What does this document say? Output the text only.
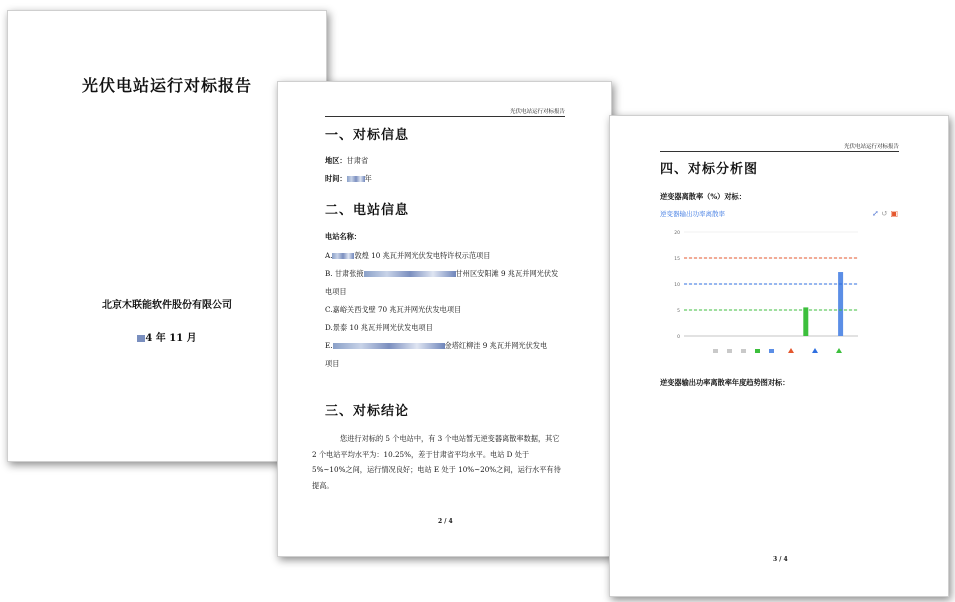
光伏电站运行对标报告
北京木联能软件股份有限公司
4 年 11 月
光伏电站运行对标报告
一、对标信息
地区：甘肃省
时间：	年
二、电站信息
电站名称：
A.	敦煌 10 兆瓦并网光伏发电特许权示范项目
B. 甘肃张掖	甘州区安阳滩 9 兆瓦并网光伏发
电项目
C.嘉峪关西戈壁 70 兆瓦并网光伏发电项目
D.景泰 10 兆瓦并网光伏发电项目
E.	金塔红柳洼 9 兆瓦并网光伏发电
项目
三、对标结论
您进行对标的 5 个电站中，有 3 个电站暂无逆变器离散率数据，其它 2 个电站平均水平为：10.25%，差于甘肃省平均水平。电站 D 处于 5%~10%之间，运行情况良好；电站 E 处于 10%~20%之间，运行水平有待提高。
2 / 4
光伏电站运行对标报告
四、对标分析图
逆变器离散率（%）对标：
逆变器输出功率离散率	⤢ ↺ ▣
0
5
10
15
20
逆变器输出功率离散率年度趋势图对标：
3 / 4
